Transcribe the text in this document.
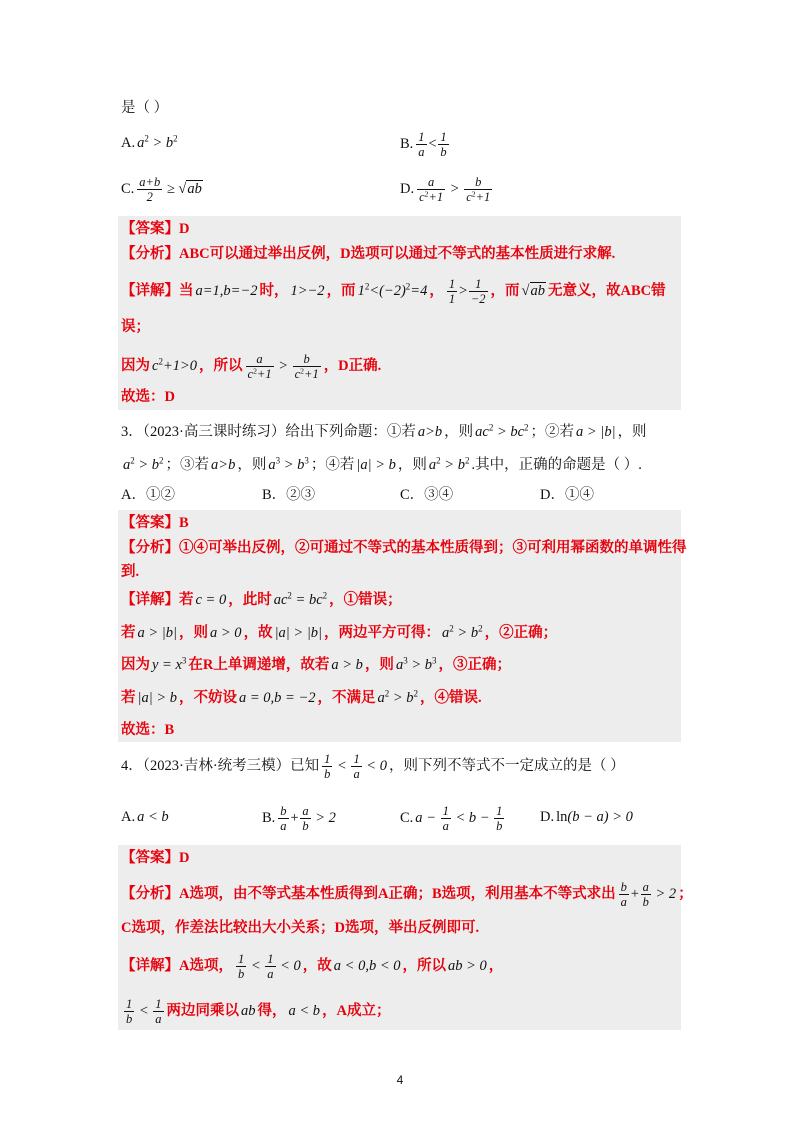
是（ ）
A. $a^2 > b^2$	B. $\frac{1}{a} < \frac{1}{b}$
C. $\frac{a+b}{2} \ge √ab$	D. $\frac{a}{c^2+1} > \frac{b}{c^2+1}$
【答案】D
【分析】ABC可以通过举出反例，D选项可以通过不等式的基本性质进行求解.
【详解】当 a=1,b=−2 时， 1>−2 ，而 $1^2<(-2)^2=4$ ， $\frac{1}{1} > \frac{1}{-2}$ ，而 √ab 无意义，故ABC错
误；
因为 $c^2+1>0$ ，所以 $\frac{a}{c^2+1} > \frac{b}{c^2+1}$ ，D正确.
故选：D
3．（2023·高三课时练习）给出下列命题：①若 a>b ，则 $ac^2 > bc^2$ ；②若 a > |b| ，则
$a^2 > b^2$ ；③若 a>b ，则 $a^3 > b^3$ ；④若 |a| > b ，则 $a^2 > b^2$ .其中，正确的命题是（ ）.
A．①②	B．②③	C．③④	D．①④
【答案】B
【分析】①④可举出反例，②可通过不等式的基本性质得到；③可利用幂函数的单调性得
到.
【详解】若 c = 0 ，此时 $ac^2 = bc^2$ ，①错误；
若 a > |b| ，则 a > 0 ，故 |a| > |b| ，两边平方可得： $a^2 > b^2$ ，②正确；
因为 $y = x^3$ 在R上单调递增，故若 a > b ，则 $a^3 > b^3$ ，③正确；
若 |a| > b ，不妨设 a = 0,b = −2 ，不满足 $a^2 > b^2$ ，④错误.
故选：B
4．（2023·吉林·统考三模）已知 $\frac{1}{b} < \frac{1}{a} < 0$ ，则下列不等式不一定成立的是（ ）
A. a < b	B. $\frac{b}{a} + \frac{a}{b} > 2$	C. $a - \frac{1}{a} < b - \frac{1}{b} D$. ln(b − a) > 0
【答案】D
【分析】A选项，由不等式基本性质得到A正确；B选项，利用基本不等式求出 $\frac{b}{a} + \frac{a}{b} > 2$ ；
C选项，作差法比较出大小关系；D选项，举出反例即可.
【详解】A选项， $\frac{1}{b} < \frac{1}{a} < 0$ ，故 a < 0,b < 0 ，所以 ab > 0 ，
$\frac{1}{b} < \frac{1}{a}$ 两边同乘以 ab 得， a < b ，A成立；
4
